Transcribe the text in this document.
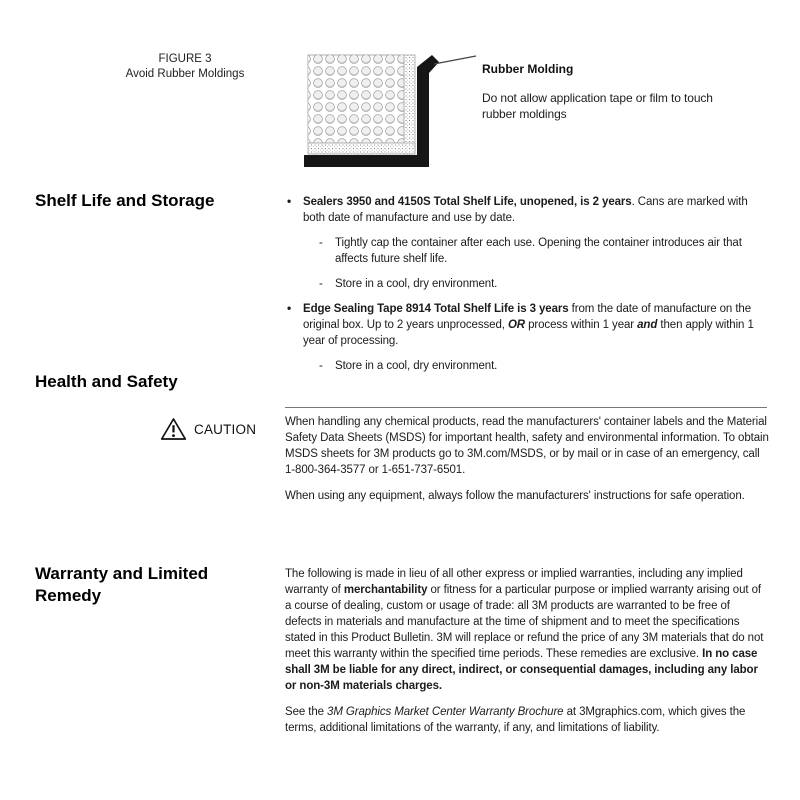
FIGURE 3
Avoid Rubber Moldings	Rubber Molding
Do not allow application tape or film to touch rubber moldings
Shelf Life and Storage	• Sealers 3950 and 4150S Total Shelf Life, unopened, is 2 years. Cans are marked with both date of manufacture and use by date.
- Tightly cap the container after each use. Opening the container introduces air that affects future shelf life.
- Store in a cool, dry environment.
• Edge Sealing Tape 8914 Total Shelf Life is 3 years from the date of manufacture on the original box. Up to 2 years unprocessed, OR process within 1 year and then apply within 1 year of processing.
- Store in a cool, dry environment.
Health and Safety
CAUTION	When handling any chemical products, read the manufacturers' container labels and the Material Safety Data Sheets (MSDS) for important health, safety and environmental information. To obtain MSDS sheets for 3M products go to 3M.com/MSDS, or by mail or in case of an emergency, call 1-800-364-3577 or 1-651-737-6501.

When using any equipment, always follow the manufacturers' instructions for safe operation.

Warranty and Limited Remedy

The following is made in lieu of all other express or implied warranties, including any implied warranty of merchantability or fitness for a particular purpose or implied warranty arising out of a course of dealing, custom or usage of trade: all 3M products are warranted to be free of defects in materials and manufacture at the time of shipment and to meet the specifications stated in this Product Bulletin. 3M will replace or refund the price of any 3M materials that do not meet this warranty within the specified time periods. These remedies are exclusive. In no case shall 3M be liable for any direct, indirect, or consequential damages, including any labor or non-3M materials charges.

See the 3M Graphics Market Center Warranty Brochure at 3Mgraphics.com, which gives the terms, additional limitations of the warranty, if any, and limitations of liability.
